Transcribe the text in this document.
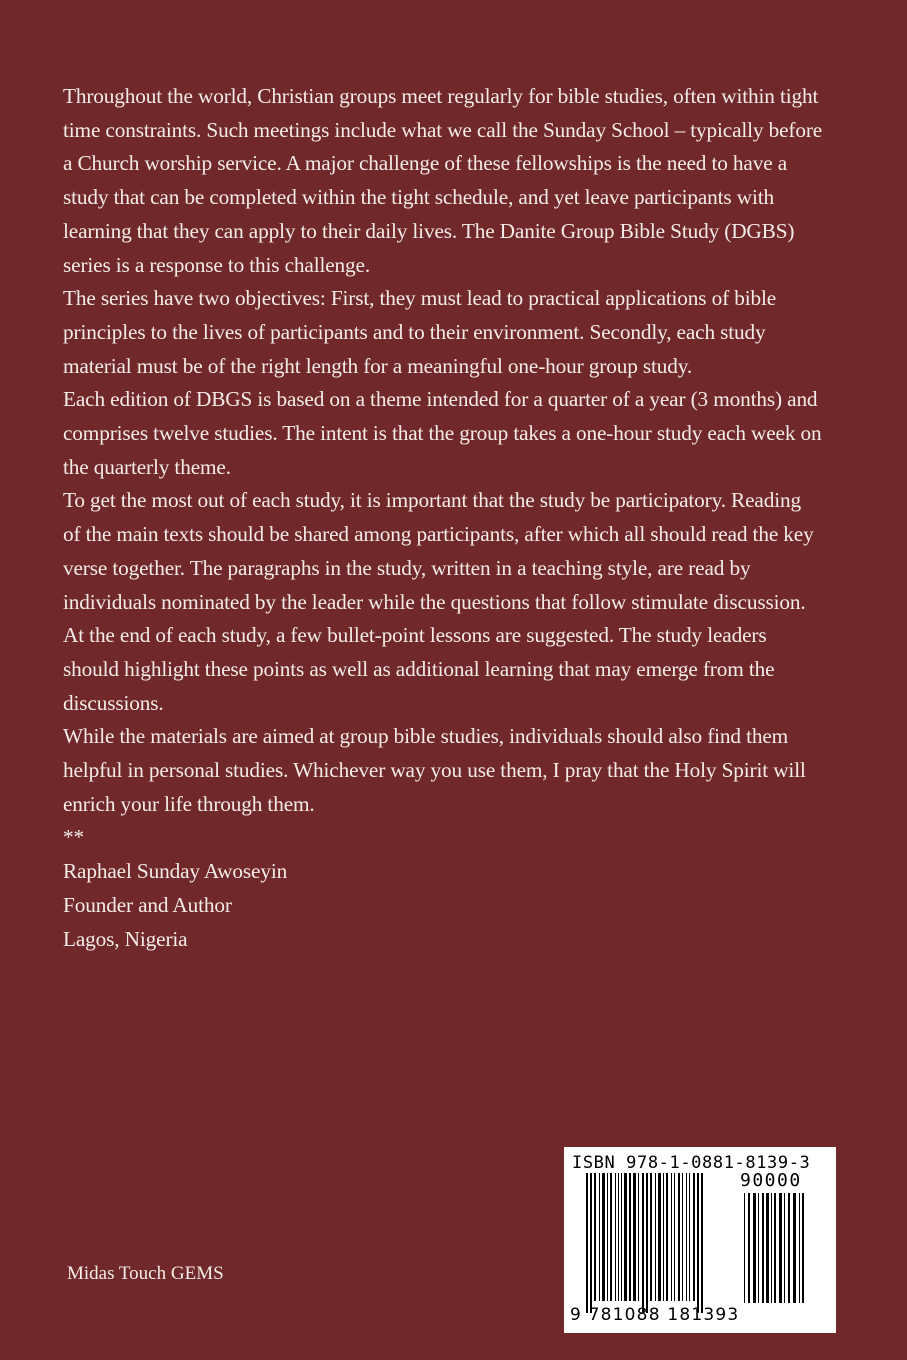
Throughout the world, Christian groups meet regularly for bible studies, often within tight time constraints. Such meetings include what we call the Sunday School – typically before a Church worship service. A major challenge of these fellowships is the need to have a study that can be completed within the tight schedule, and yet leave participants with learning that they can apply to their daily lives. The Danite Group Bible Study (DGBS) series is a response to this challenge.

The series have two objectives: First, they must lead to practical applications of bible principles to the lives of participants and to their environment. Secondly, each study material must be of the right length for a meaningful one-hour group study.

Each edition of DBGS is based on a theme intended for a quarter of a year (3 months) and comprises twelve studies. The intent is that the group takes a one-hour study each week on the quarterly theme.

To get the most out of each study, it is important that the study be participatory. Reading of the main texts should be shared among participants, after which all should read the key verse together. The paragraphs in the study, written in a teaching style, are read by individuals nominated by the leader while the questions that follow stimulate discussion. At the end of each study, a few bullet-point lessons are suggested. The study leaders should highlight these points as well as additional learning that may emerge from the discussions.

While the materials are aimed at group bible studies, individuals should also find them helpful in personal studies. Whichever way you use them, I pray that the Holy Spirit will enrich your life through them.

**

Raphael Sunday Awoseyin

Founder and Author

Lagos, Nigeria

Midas Touch GEMS
ISBN 978-1-0881-8139-3
90000
9 781088 181393
